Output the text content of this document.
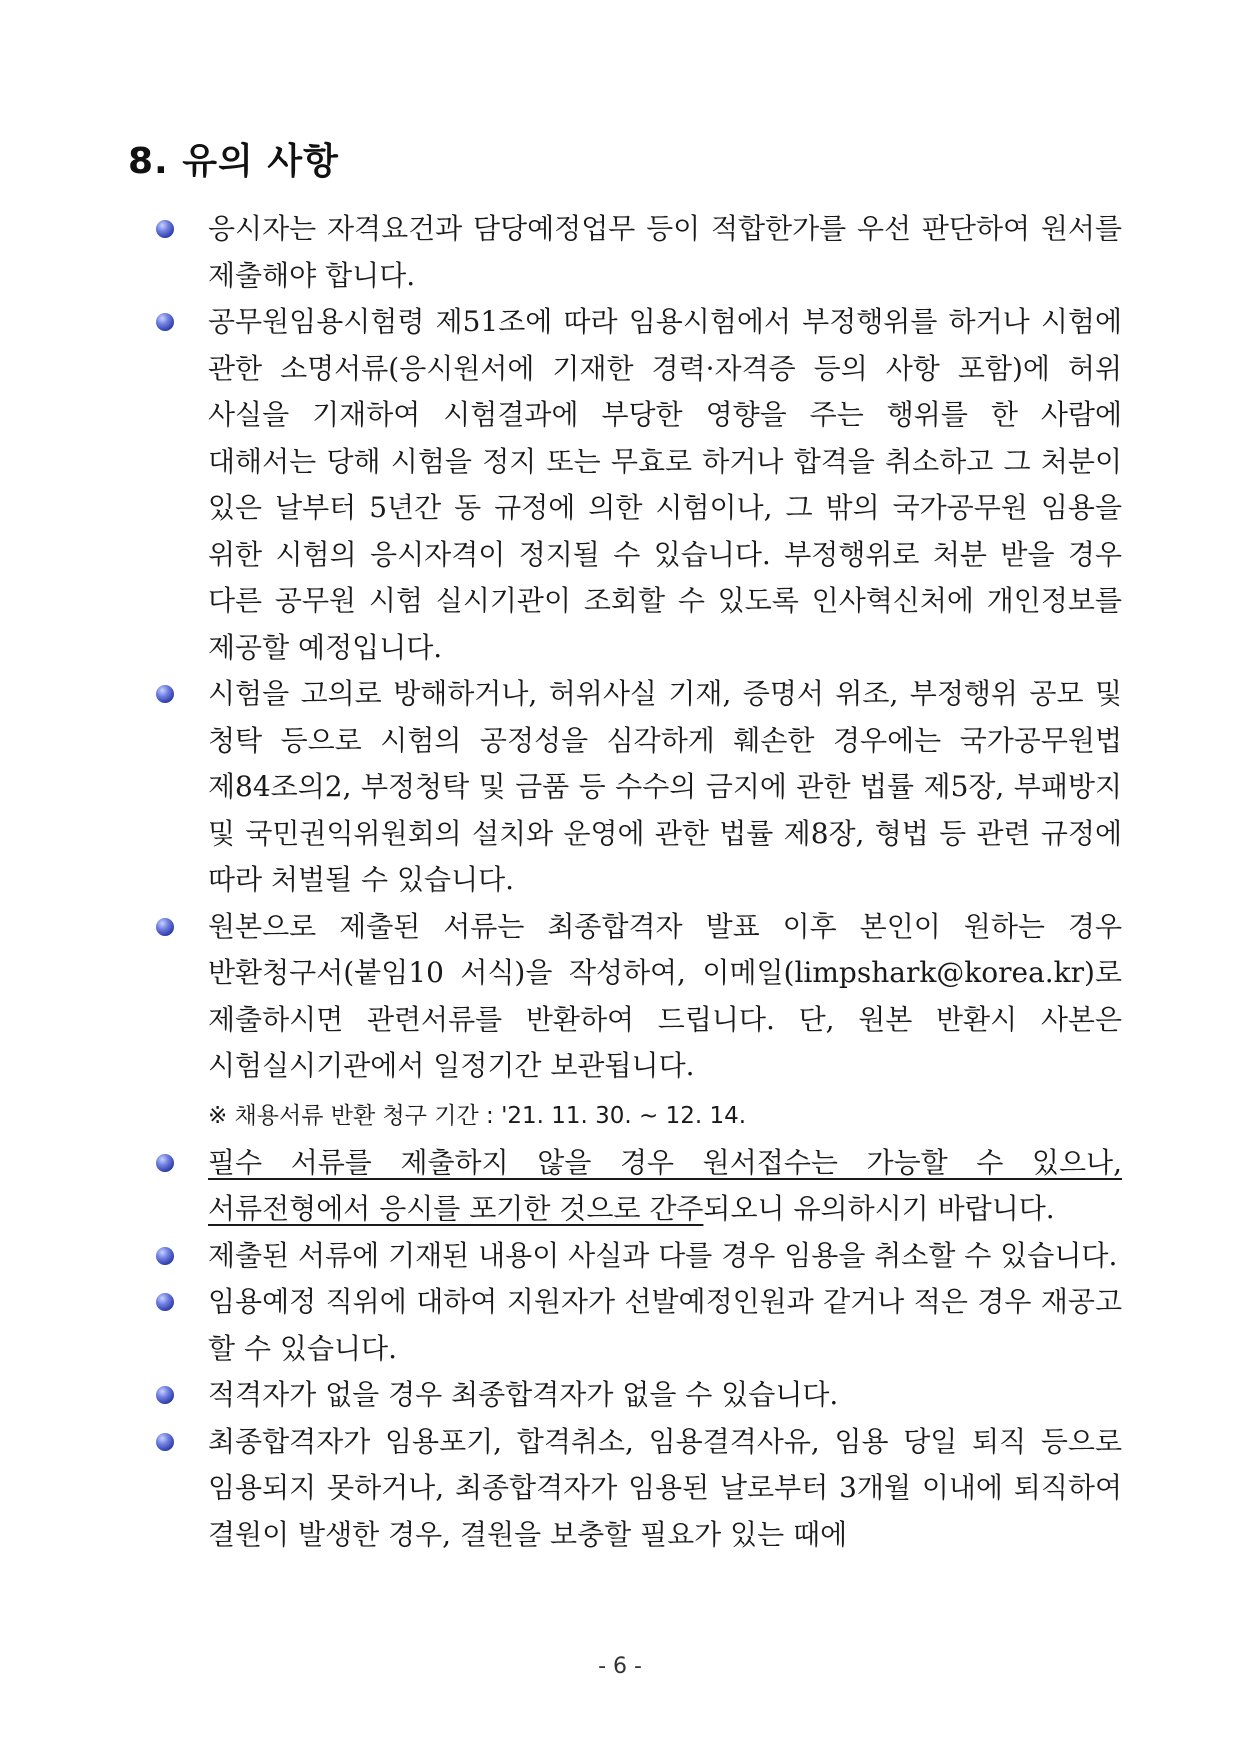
8. 유의 사항
응시자는 자격요건과 담당예정업무 등이 적합한가를 우선 판단하여 원서를 제출해야 합니다.
공무원임용시험령 제51조에 따라 임용시험에서 부정행위를 하거나 시험에 관한 소명서류(응시원서에 기재한 경력·자격증 등의 사항 포함)에 허위 사실을 기재하여 시험결과에 부당한 영향을 주는 행위를 한 사람에 대해서는 당해 시험을 정지 또는 무효로 하거나 합격을 취소하고 그 처분이 있은 날부터 5년간 동 규정에 의한 시험이나, 그 밖의 국가공무원 임용을 위한 시험의 응시자격이 정지될 수 있습니다. 부정행위로 처분 받을 경우 다른 공무원 시험 실시기관이 조회할 수 있도록 인사혁신처에 개인정보를 제공할 예정입니다.
시험을 고의로 방해하거나, 허위사실 기재, 증명서 위조, 부정행위 공모 및 청탁 등으로 시험의 공정성을 심각하게 훼손한 경우에는 국가공무원법 제84조의2, 부정청탁 및 금품 등 수수의 금지에 관한 법률 제5장, 부패방지 및 국민권익위원회의 설치와 운영에 관한 법률 제8장, 형법 등 관련 규정에 따라 처벌될 수 있습니다.
원본으로 제출된 서류는 최종합격자 발표 이후 본인이 원하는 경우 반환청구서(붙임10 서식)을 작성하여, 이메일(limpshark@korea.kr)로 제출하시면 관련서류를 반환하여 드립니다. 단, 원본 반환시 사본은 시험실시기관에서 일정기간 보관됩니다.
※ 채용서류 반환 청구 기간 : '21. 11. 30. ~ 12. 14.
필수 서류를 제출하지 않을 경우 원서접수는 가능할 수 있으나, 서류전형에서 응시를 포기한 것으로 간주되오니 유의하시기 바랍니다.
제출된 서류에 기재된 내용이 사실과 다를 경우 임용을 취소할 수 있습니다.
임용예정 직위에 대하여 지원자가 선발예정인원과 같거나 적은 경우 재공고 할 수 있습니다.
적격자가 없을 경우 최종합격자가 없을 수 있습니다.
최종합격자가 임용포기, 합격취소, 임용결격사유, 임용 당일 퇴직 등으로 임용되지 못하거나, 최종합격자가 임용된 날로부터 3개월 이내에 퇴직하여 결원이 발생한 경우, 결원을 보충할 필요가 있는 때에
- 6 -
